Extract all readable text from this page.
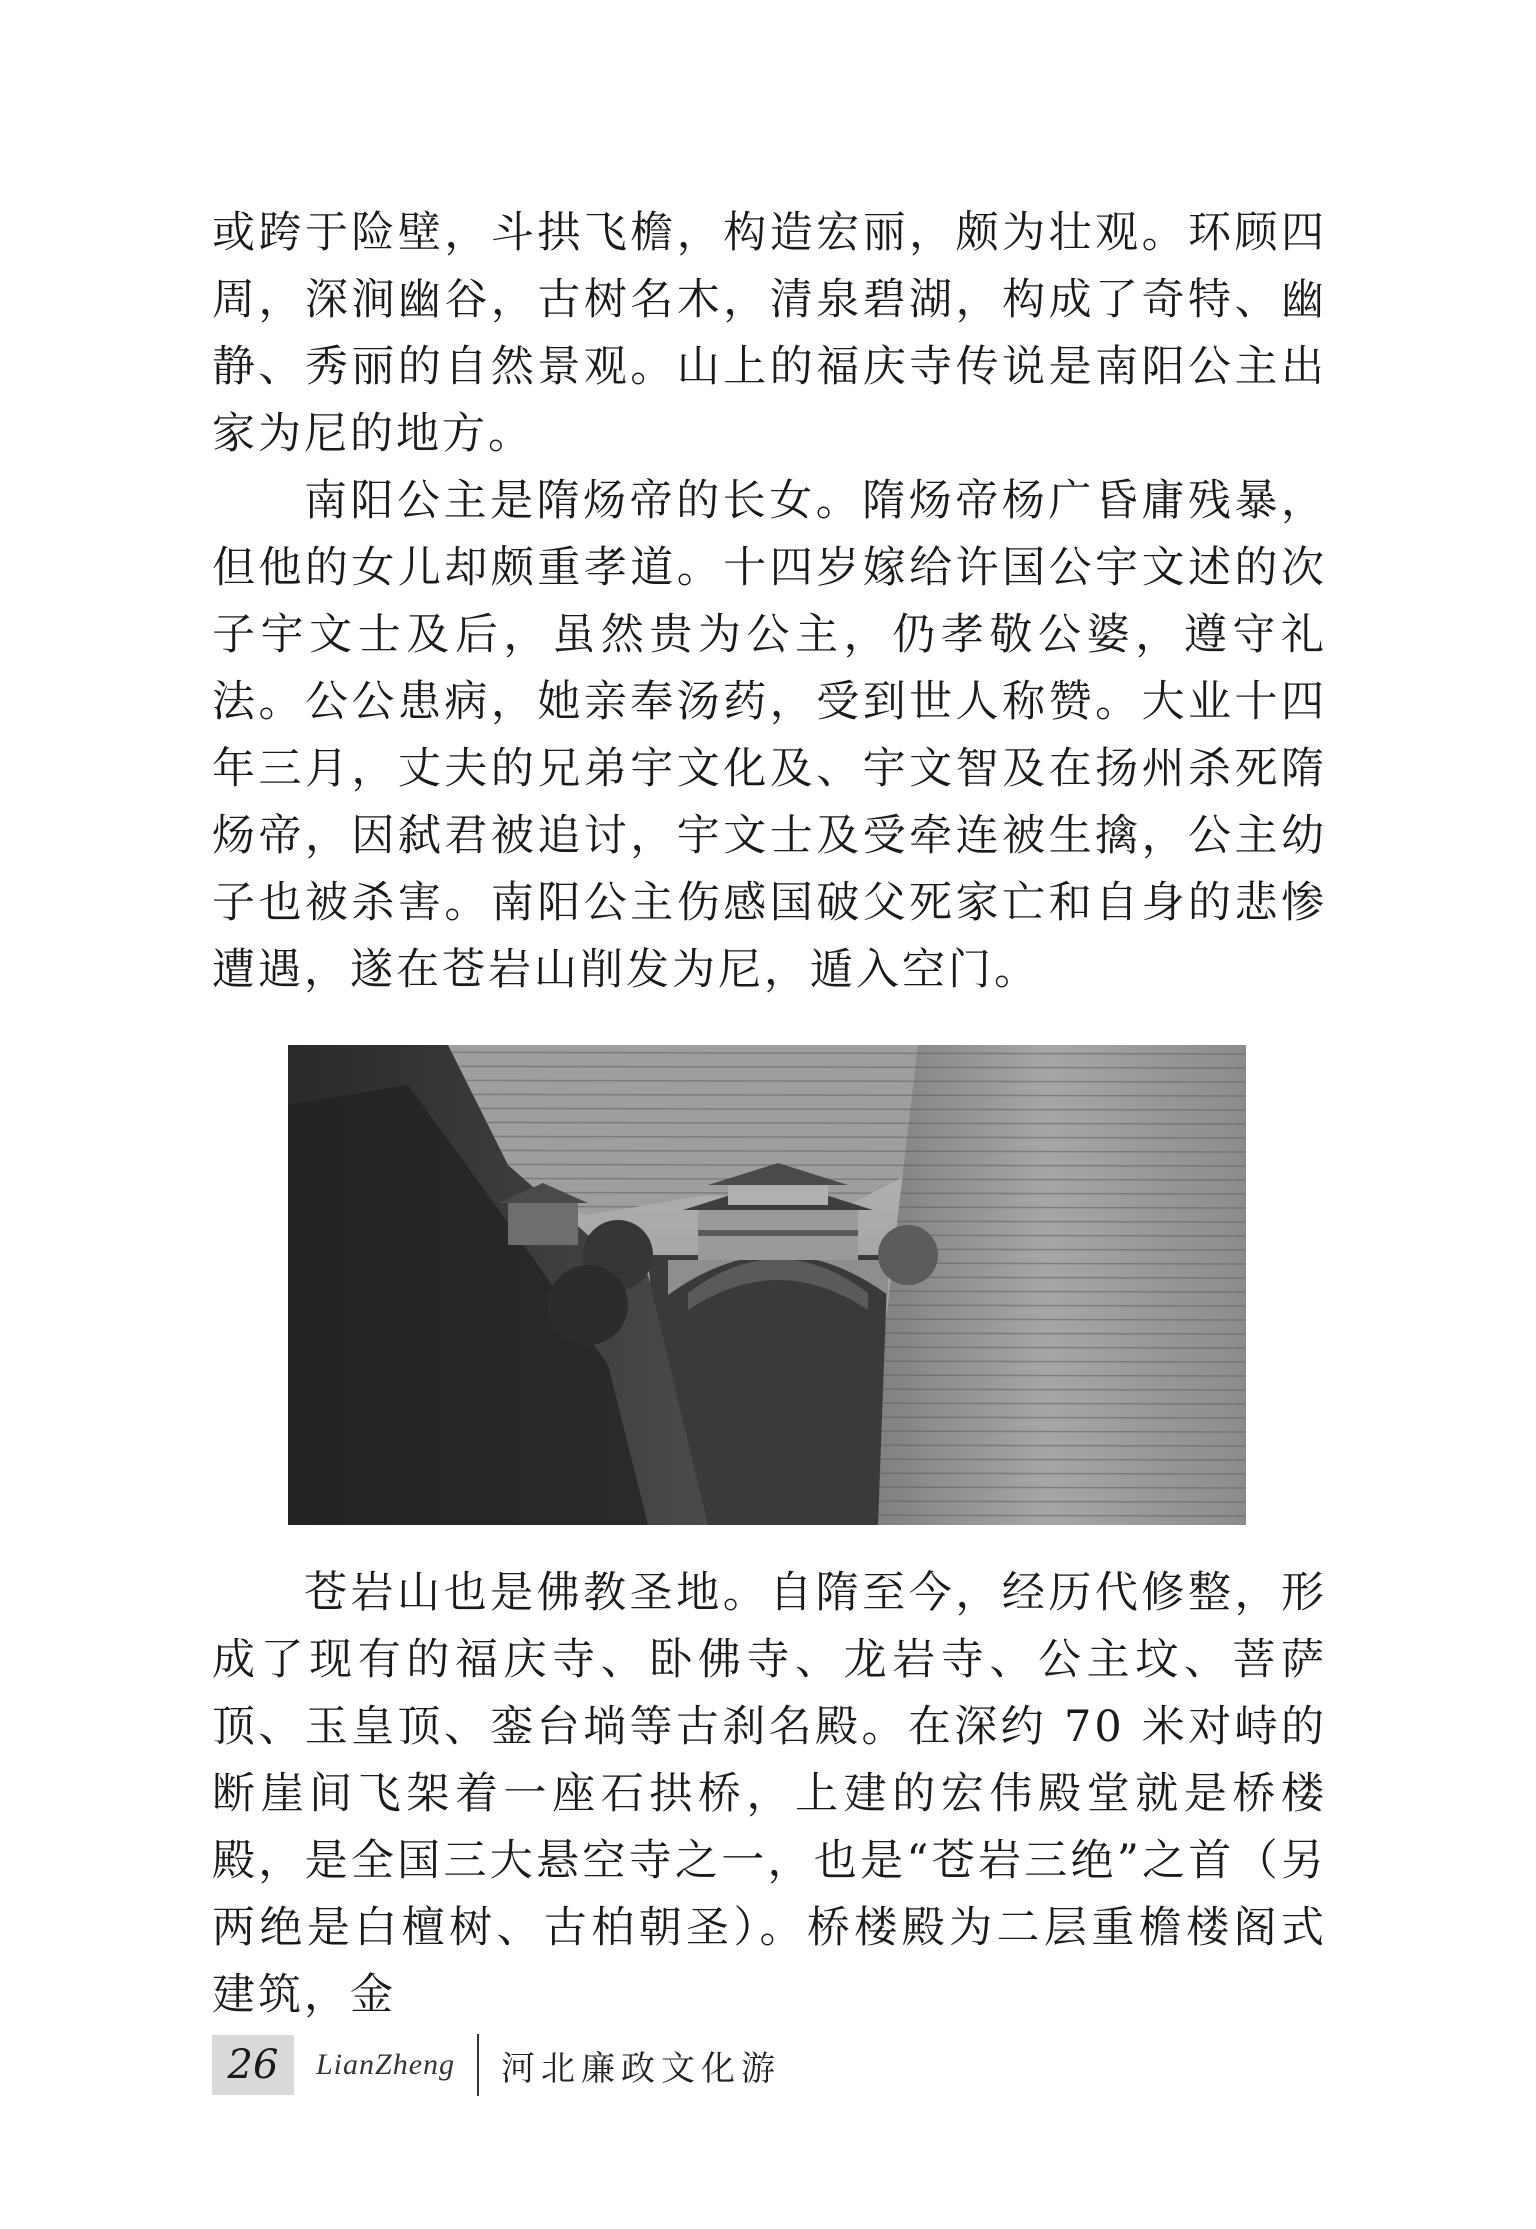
或跨于险壁，斗拱飞檐，构造宏丽，颇为壮观。环顾四周，深涧幽谷，古树名木，清泉碧湖，构成了奇特、幽静、秀丽的自然景观。山上的福庆寺传说是南阳公主出家为尼的地方。

南阳公主是隋炀帝的长女。隋炀帝杨广昏庸残暴，但他的女儿却颇重孝道。十四岁嫁给许国公宇文述的次子宇文士及后，虽然贵为公主，仍孝敬公婆，遵守礼法。公公患病，她亲奉汤药，受到世人称赞。大业十四年三月，丈夫的兄弟宇文化及、宇文智及在扬州杀死隋炀帝，因弑君被追讨，宇文士及受牵连被生擒，公主幼子也被杀害。南阳公主伤感国破父死家亡和自身的悲惨遭遇，遂在苍岩山削发为尼，遁入空门。

苍岩山也是佛教圣地。自隋至今，经历代修整，形成了现有的福庆寺、卧佛寺、龙岩寺、公主坟、菩萨顶、玉皇顶、銮台埫等古刹名殿。在深约 70 米对峙的断崖间飞架着一座石拱桥，上建的宏伟殿堂就是桥楼殿，是全国三大悬空寺之一，也是“苍岩三绝”之首（另两绝是白檀树、古柏朝圣）。桥楼殿为二层重檐楼阁式建筑，金

26	LianZheng 河北廉政文化游
